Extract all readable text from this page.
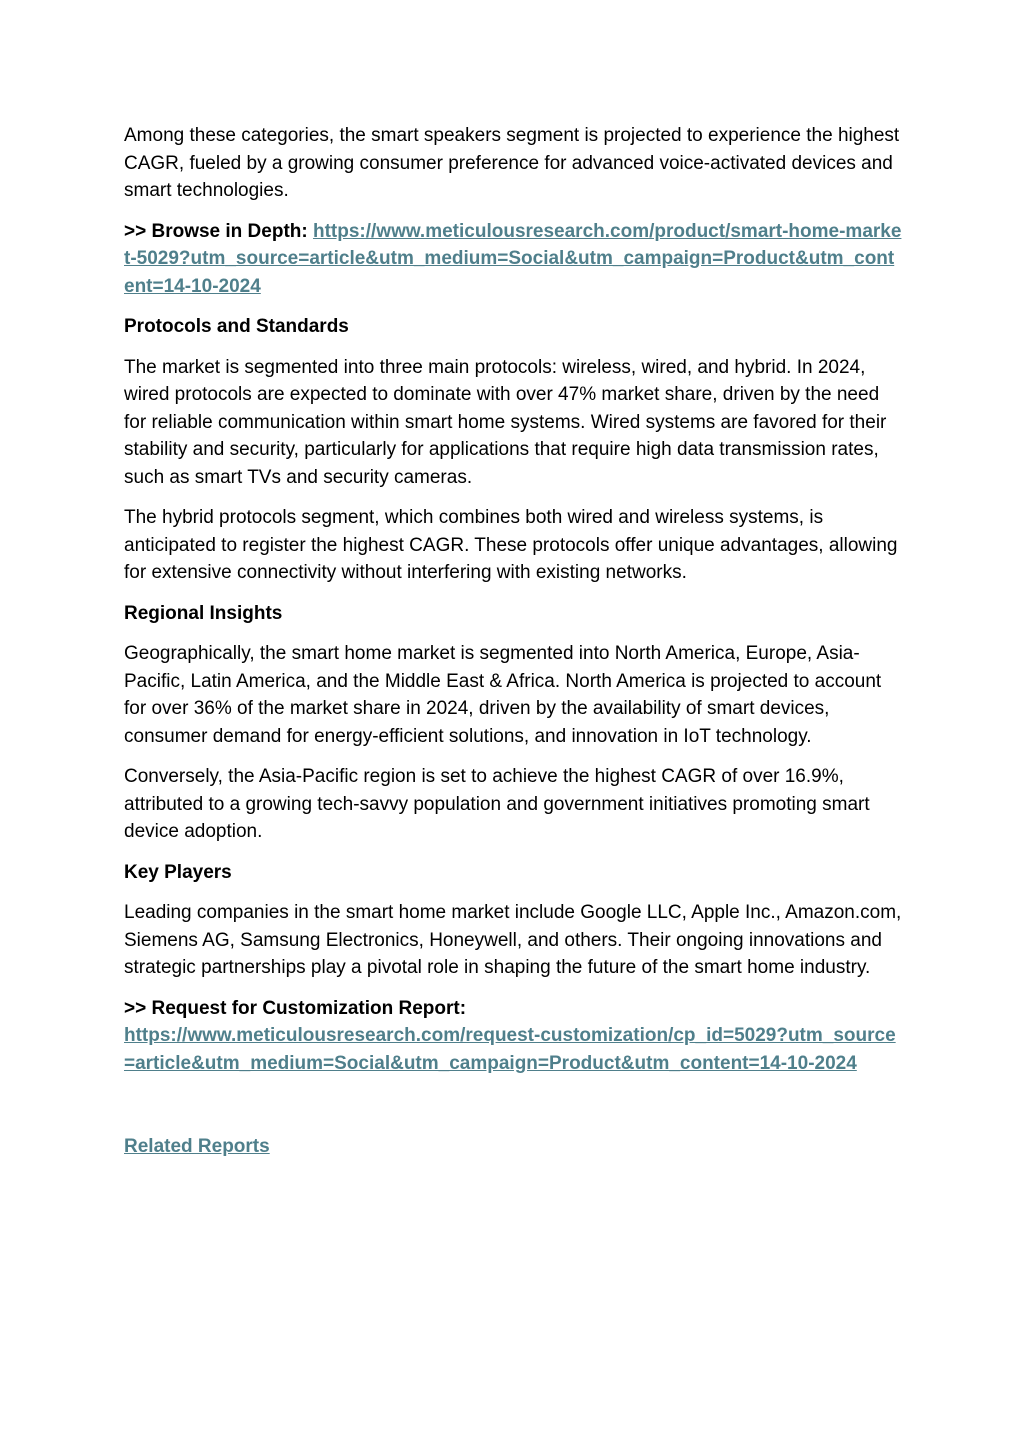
Among these categories, the smart speakers segment is projected to experience the highest CAGR, fueled by a growing consumer preference for advanced voice-activated devices and smart technologies.

>> Browse in Depth: https://www.meticulousresearch.com/product/smart-home-market-5029?utm_source=article&utm_medium=Social&utm_campaign=Product&utm_content=14-10-2024

Protocols and Standards

The market is segmented into three main protocols: wireless, wired, and hybrid. In 2024, wired protocols are expected to dominate with over 47% market share, driven by the need for reliable communication within smart home systems. Wired systems are favored for their stability and security, particularly for applications that require high data transmission rates, such as smart TVs and security cameras.

The hybrid protocols segment, which combines both wired and wireless systems, is anticipated to register the highest CAGR. These protocols offer unique advantages, allowing for extensive connectivity without interfering with existing networks.

Regional Insights

Geographically, the smart home market is segmented into North America, Europe, Asia-Pacific, Latin America, and the Middle East & Africa. North America is projected to account for over 36% of the market share in 2024, driven by the availability of smart devices, consumer demand for energy-efficient solutions, and innovation in IoT technology.

Conversely, the Asia-Pacific region is set to achieve the highest CAGR of over 16.9%, attributed to a growing tech-savvy population and government initiatives promoting smart device adoption.

Key Players

Leading companies in the smart home market include Google LLC, Apple Inc., Amazon.com, Siemens AG, Samsung Electronics, Honeywell, and others. Their ongoing innovations and strategic partnerships play a pivotal role in shaping the future of the smart home industry.

>> Request for Customization Report:
https://www.meticulousresearch.com/request-customization/cp_id=5029?utm_source=article&utm_medium=Social&utm_campaign=Product&utm_content=14-10-2024

Related Reports
